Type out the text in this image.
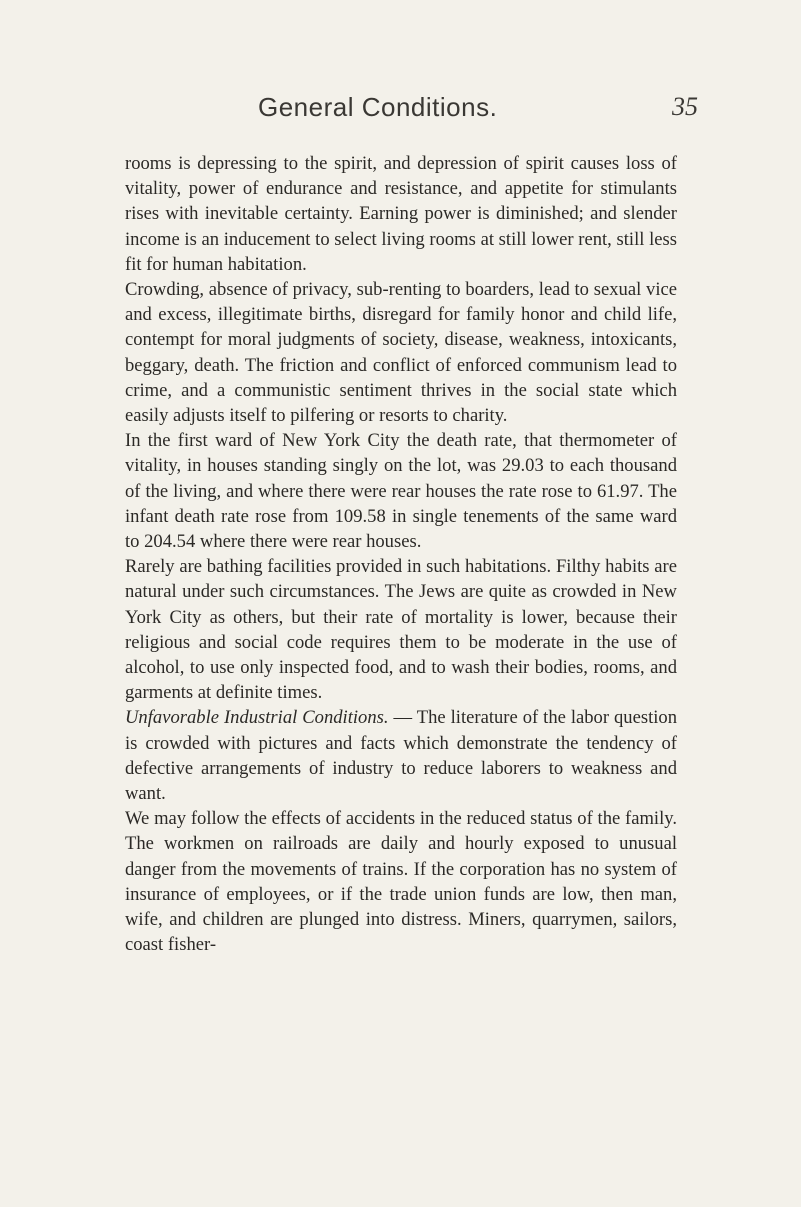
General Conditions.	35

rooms is depressing to the spirit, and depression of spirit causes loss of vitality, power of endurance and resistance, and appetite for stimulants rises with inevitable certainty. Earning power is diminished; and slender income is an inducement to select living rooms at still lower rent, still less fit for human habitation.

Crowding, absence of privacy, sub-renting to boarders, lead to sexual vice and excess, illegitimate births, disregard for family honor and child life, contempt for moral judgments of society, disease, weakness, intoxicants, beggary, death. The friction and conflict of enforced communism lead to crime, and a communistic sentiment thrives in the social state which easily adjusts itself to pilfering or resorts to charity.

In the first ward of New York City the death rate, that thermometer of vitality, in houses standing singly on the lot, was 29.03 to each thousand of the living, and where there were rear houses the rate rose to 61.97. The infant death rate rose from 109.58 in single tenements of the same ward to 204.54 where there were rear houses.

Rarely are bathing facilities provided in such habitations. Filthy habits are natural under such circumstances. The Jews are quite as crowded in New York City as others, but their rate of mortality is lower, because their religious and social code requires them to be moderate in the use of alcohol, to use only inspected food, and to wash their bodies, rooms, and garments at definite times.

Unfavorable Industrial Conditions. — The literature of the labor question is crowded with pictures and facts which demonstrate the tendency of defective arrangements of industry to reduce laborers to weakness and want.

We may follow the effects of accidents in the reduced status of the family. The workmen on railroads are daily and hourly exposed to unusual danger from the movements of trains. If the corporation has no system of insurance of employees, or if the trade union funds are low, then man, wife, and children are plunged into distress. Miners, quarrymen, sailors, coast fisher-
